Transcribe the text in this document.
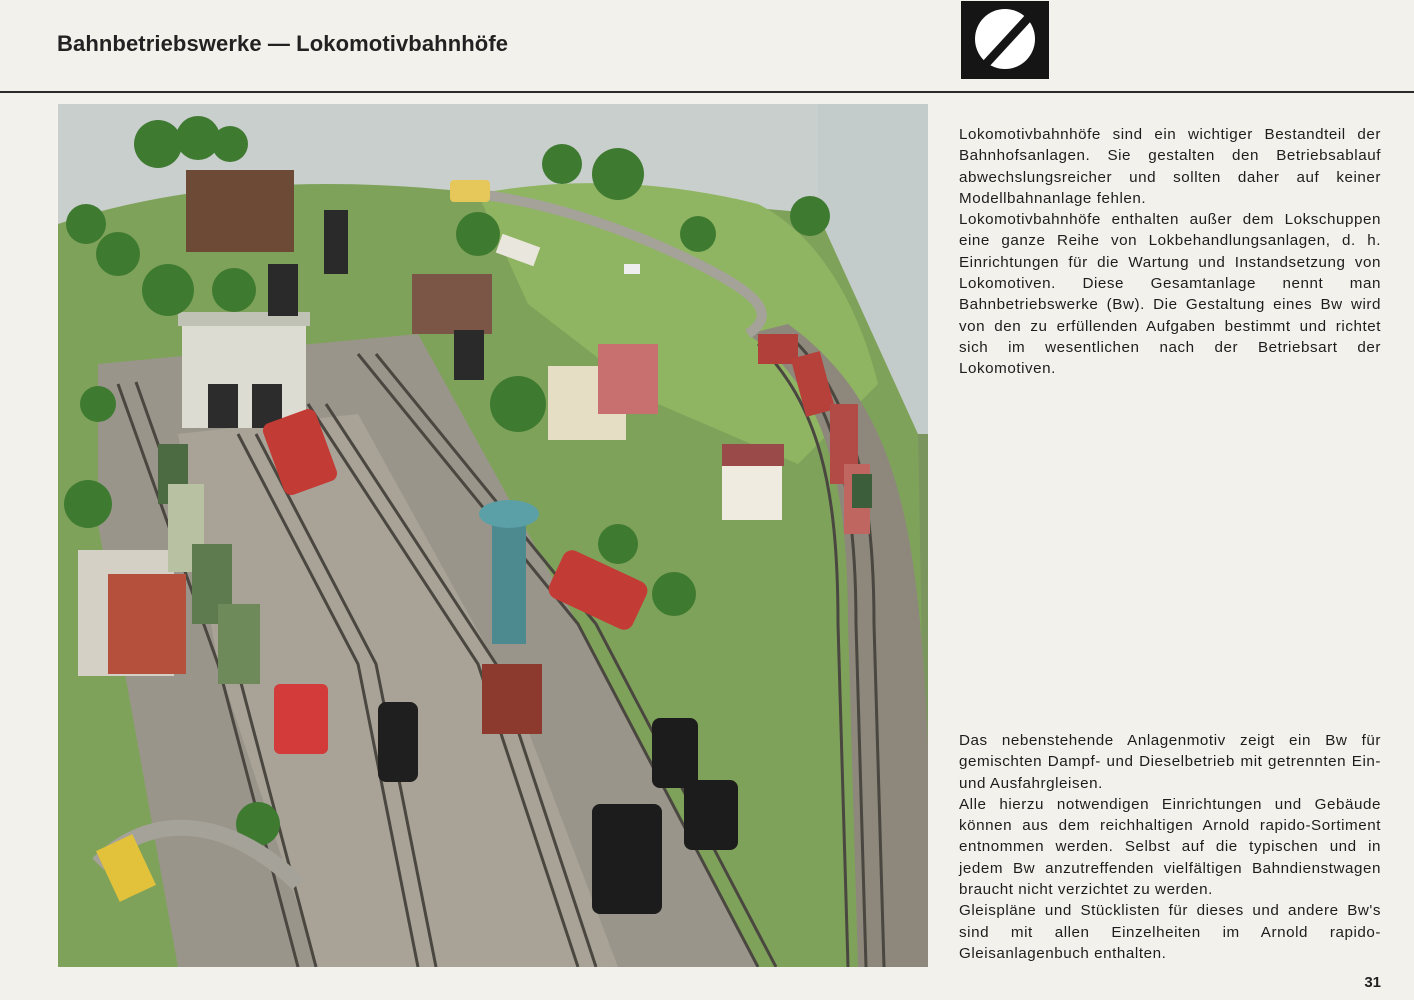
Bahnbetriebswerke — Lokomotivbahnhöfe

Lokomotivbahnhöfe sind ein wichtiger Bestandteil der Bahnhofsanlagen. Sie gestalten den Betriebsablauf abwechslungsreicher und sollten daher auf keiner Modellbahnanlage fehlen.

Lokomotivbahnhöfe enthalten außer dem Lokschuppen eine ganze Reihe von Lokbehandlungsanlagen, d. h. Einrichtungen für die Wartung und Instandsetzung von Lokomotiven. Diese Gesamtanlage nennt man Bahnbetriebswerke (Bw). Die Gestaltung eines Bw wird von den zu erfüllenden Aufgaben bestimmt und richtet sich im wesentlichen nach der Betriebsart der Lokomotiven.

Das nebenstehende Anlagenmotiv zeigt ein Bw für gemischten Dampf- und Dieselbetrieb mit getrennten Ein- und Ausfahrgleisen.

Alle hierzu notwendigen Einrichtungen und Gebäude können aus dem reichhaltigen Arnold rapido-Sortiment entnommen werden. Selbst auf die typischen und in jedem Bw anzutreffenden vielfältigen Bahndienstwagen braucht nicht verzichtet zu werden.

Gleispläne und Stücklisten für dieses und andere Bw's sind mit allen Einzelheiten im Arnold rapido-Gleisanlagenbuch enthalten.

31
